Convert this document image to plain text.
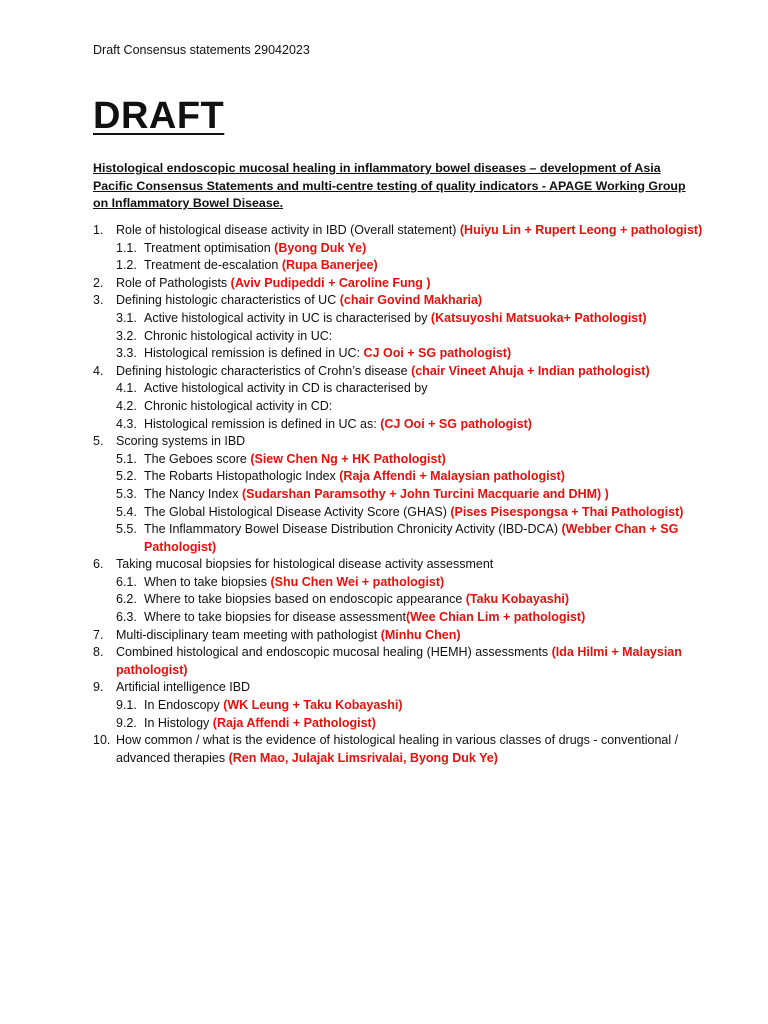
Draft Consensus statements 29042023
DRAFT
Histological endoscopic mucosal healing in inflammatory bowel diseases – development of Asia Pacific Consensus Statements and multi-centre testing of quality indicators - APAGE Working Group on Inflammatory Bowel Disease.
1.	Role of histological disease activity in IBD (Overall statement) (Huiyu Lin + Rupert Leong + pathologist)
1.1. Treatment optimisation (Byong Duk Ye)
1.2. Treatment de-escalation (Rupa Banerjee)
2.	Role of Pathologists (Aviv Pudipeddi + Caroline Fung )
3.	Defining histologic characteristics of UC (chair Govind Makharia)
3.1. Active histological activity in UC is characterised by (Katsuyoshi Matsuoka+ Pathologist)
3.2. Chronic histological activity in UC:
3.3. Histological remission is defined in UC: CJ Ooi + SG pathologist)
4.	Defining histologic characteristics of Crohn’s disease (chair Vineet Ahuja + Indian pathologist)
4.1. Active histological activity in CD is characterised by
4.2. Chronic histological activity in CD:
4.3. Histological remission is defined in UC as: (CJ Ooi + SG pathologist)
5.	Scoring systems in IBD
5.1. The Geboes score (Siew Chen Ng + HK Pathologist)
5.2. The Robarts Histopathologic Index (Raja Affendi + Malaysian pathologist)
5.3. The Nancy Index (Sudarshan Paramsothy + John Turcini Macquarie and DHM) )
5.4. The Global Histological Disease Activity Score (GHAS) (Pises Pisespongsa + Thai Pathologist)
5.5. The Inflammatory Bowel Disease Distribution Chronicity Activity (IBD-DCA) (Webber Chan + SG Pathologist)
6.	Taking mucosal biopsies for histological disease activity assessment
6.1. When to take biopsies (Shu Chen Wei + pathologist)
6.2. Where to take biopsies based on endoscopic appearance (Taku Kobayashi)
6.3. Where to take biopsies for disease assessment(Wee Chian Lim + pathologist)
7.	Multi-disciplinary team meeting with pathologist (Minhu Chen)
8.	Combined histological and endoscopic mucosal healing (HEMH) assessments (Ida Hilmi + Malaysian pathologist)
9.	Artificial intelligence IBD
9.1. In Endoscopy (WK Leung + Taku Kobayashi)
9.2. In Histology (Raja Affendi + Pathologist)
10. How common / what is the evidence of histological healing in various classes of drugs - conventional / advanced therapies (Ren Mao, Julajak Limsrivalai, Byong Duk Ye)
